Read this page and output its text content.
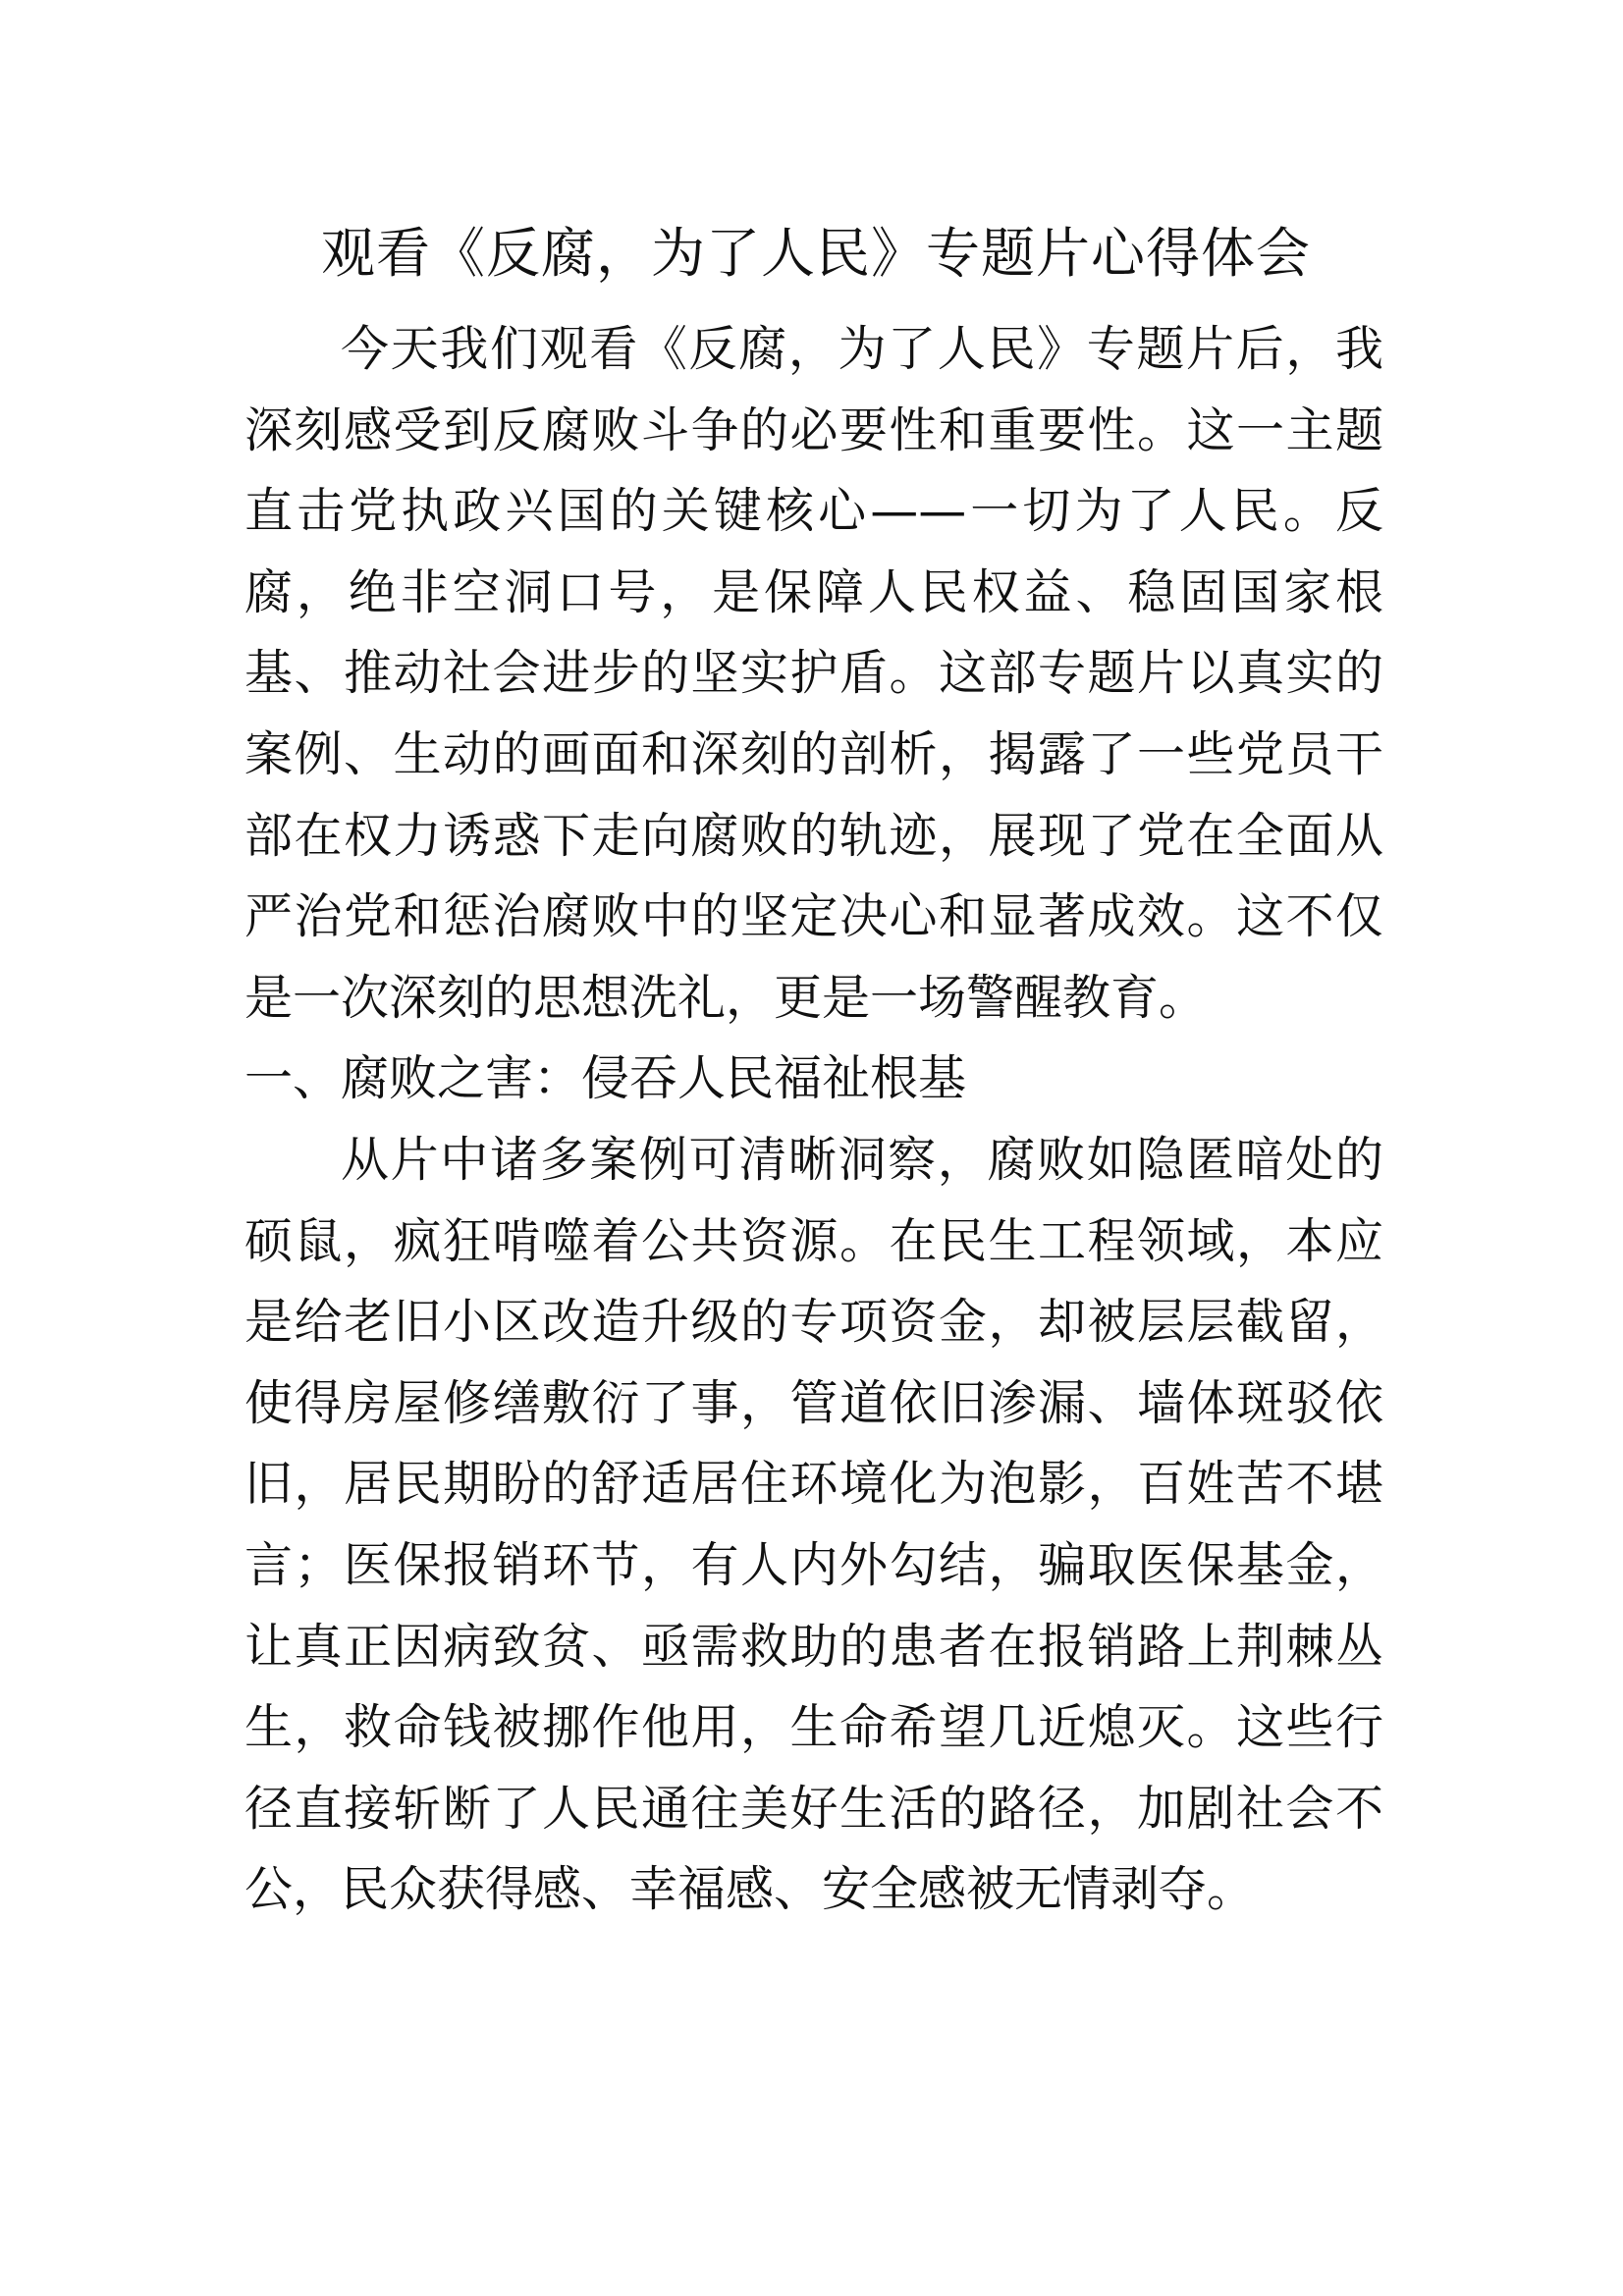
观看《反腐，为了人民》专题片心得体会

今天我们观看《反腐，为了人民》专题片后，我深刻感受到反腐败斗争的必要性和重要性。这一主题直击党执政兴国的关键核心——一切为了人民。反腐，绝非空洞口号，是保障人民权益、稳固国家根基、推动社会进步的坚实护盾。这部专题片以真实的案例、生动的画面和深刻的剖析，揭露了一些党员干部在权力诱惑下走向腐败的轨迹，展现了党在全面从严治党和惩治腐败中的坚定决心和显著成效。这不仅是一次深刻的思想洗礼，更是一场警醒教育。

一、腐败之害：侵吞人民福祉根基

从片中诸多案例可清晰洞察，腐败如隐匿暗处的硕鼠，疯狂啃噬着公共资源。在民生工程领域，本应是给老旧小区改造升级的专项资金，却被层层截留，使得房屋修缮敷衍了事，管道依旧渗漏、墙体斑驳依旧，居民期盼的舒适居住环境化为泡影，百姓苦不堪言；医保报销环节，有人内外勾结，骗取医保基金，让真正因病致贫、亟需救助的患者在报销路上荆棘丛生，救命钱被挪作他用，生命希望几近熄灭。这些行径直接斩断了人民通往美好生活的路径，加剧社会不公，民众获得感、幸福感、安全感被无情剥夺。
